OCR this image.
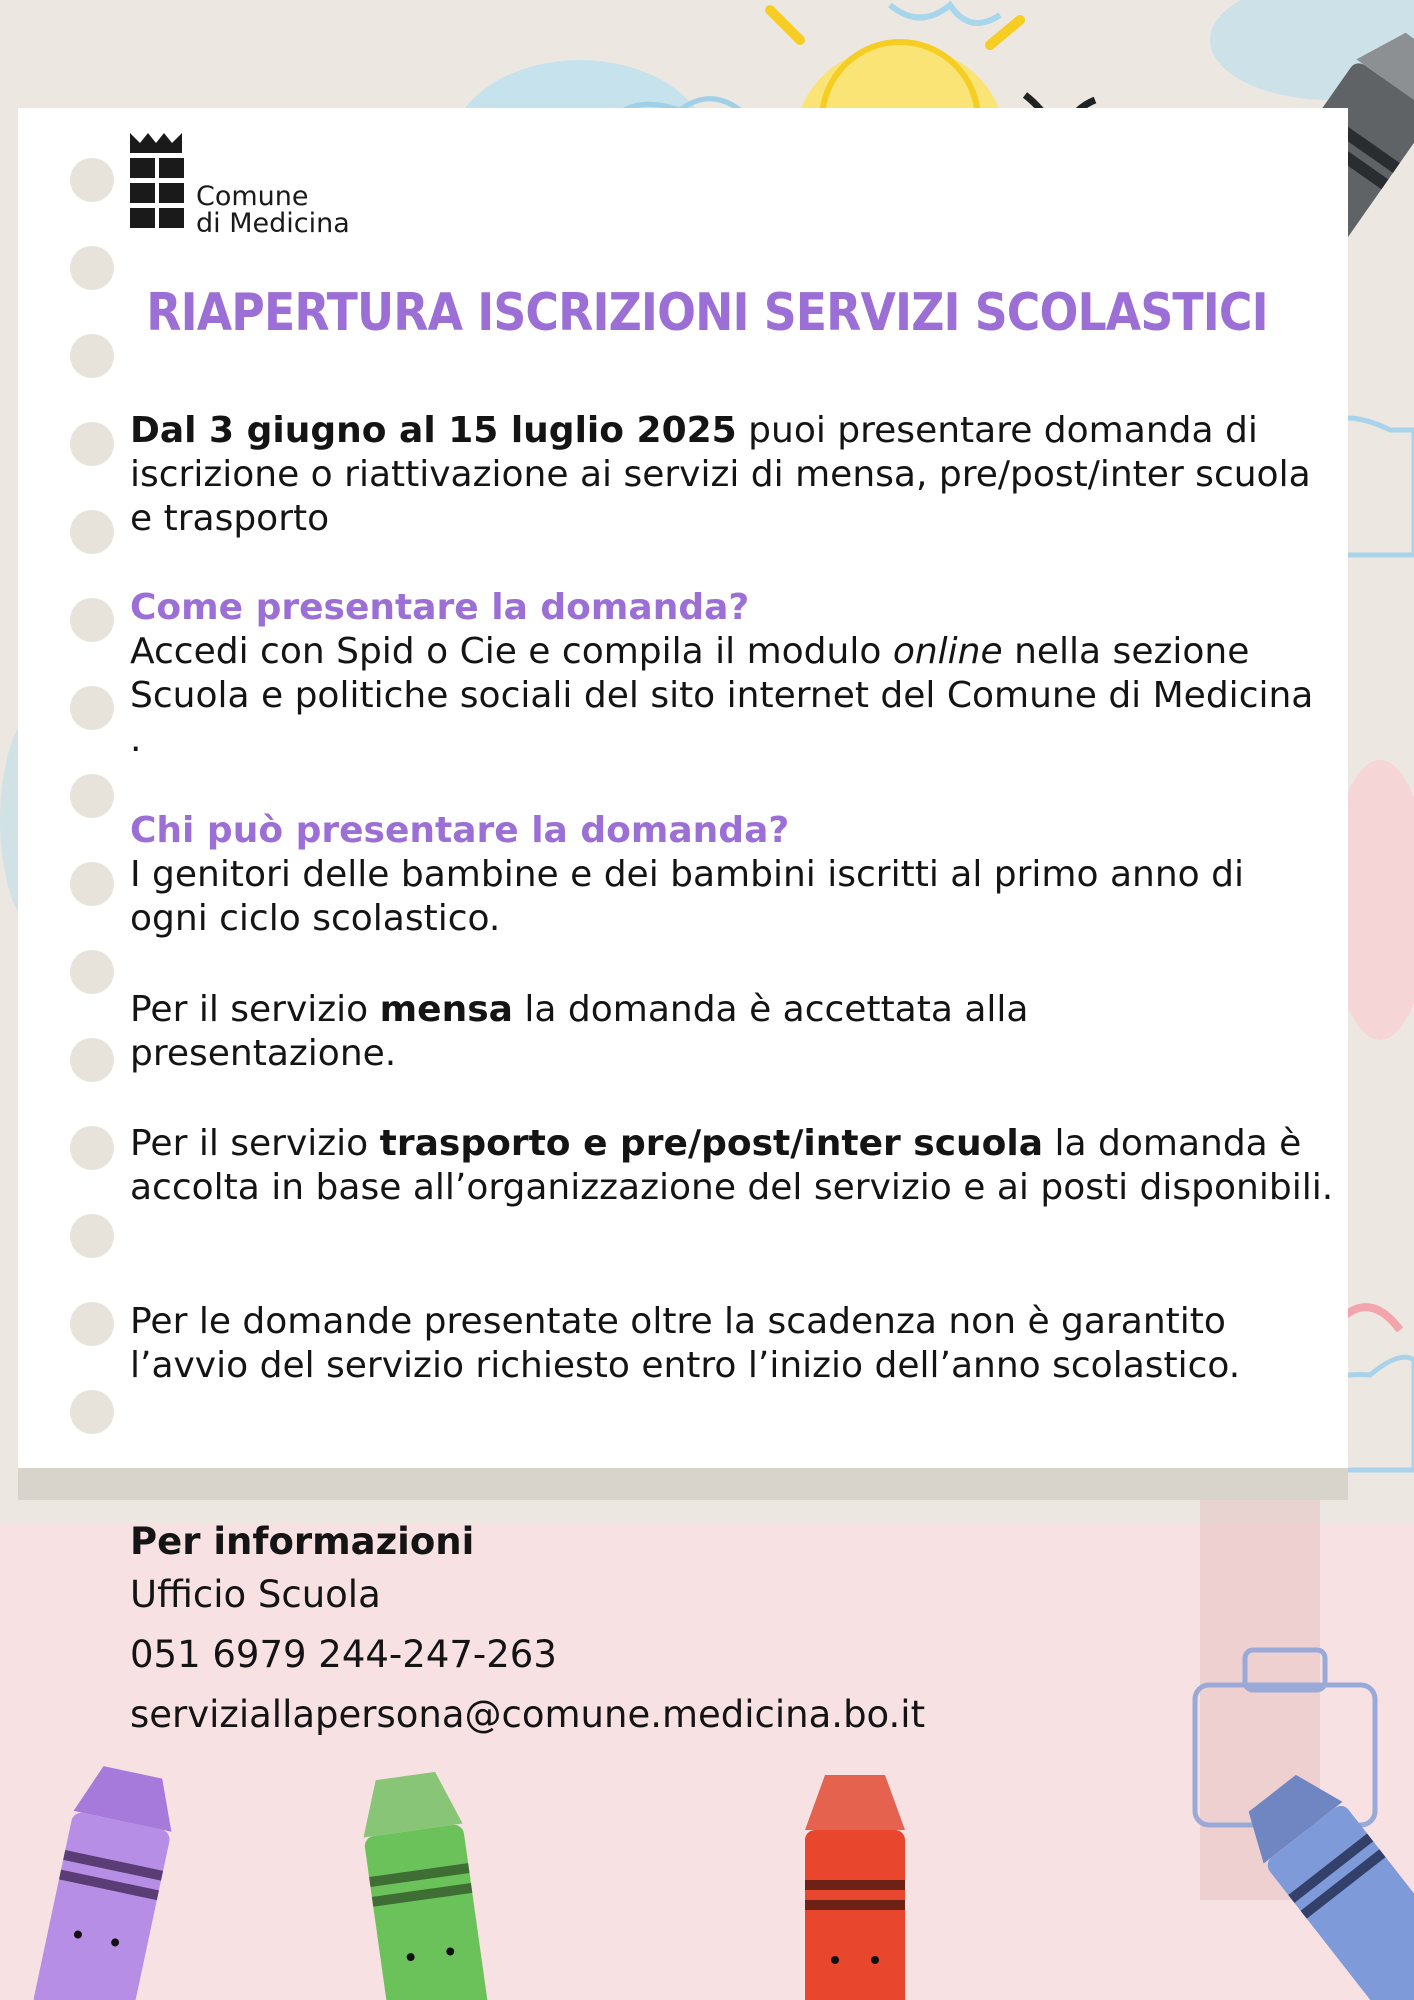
Comune
di Medicina
RIAPERTURA ISCRIZIONI SERVIZI SCOLASTICI
Dal 3 giugno al 15 luglio 2025 puoi presentare domanda di iscrizione o riattivazione ai servizi di mensa, pre/post/inter scuola e trasporto
Come presentare la domanda?
Accedi con Spid o Cie e compila il modulo online nella sezione Scuola e politiche sociali del sito internet del Comune di Medicina .
Chi può presentare la domanda?
I genitori delle bambine e dei bambini iscritti al primo anno di ogni ciclo scolastico.
Per il servizio mensa la domanda è accettata alla presentazione.
Per il servizio trasporto e pre/post/inter scuola la domanda è accolta in base all’organizzazione del servizio e ai posti disponibili.
Per le domande presentate oltre la scadenza non è garantito l’avvio del servizio richiesto entro l’inizio dell’anno scolastico.
Per informazioni
Ufficio Scuola
051 6979 244-247-263
serviziallapersona@comune.medicina.bo.it
